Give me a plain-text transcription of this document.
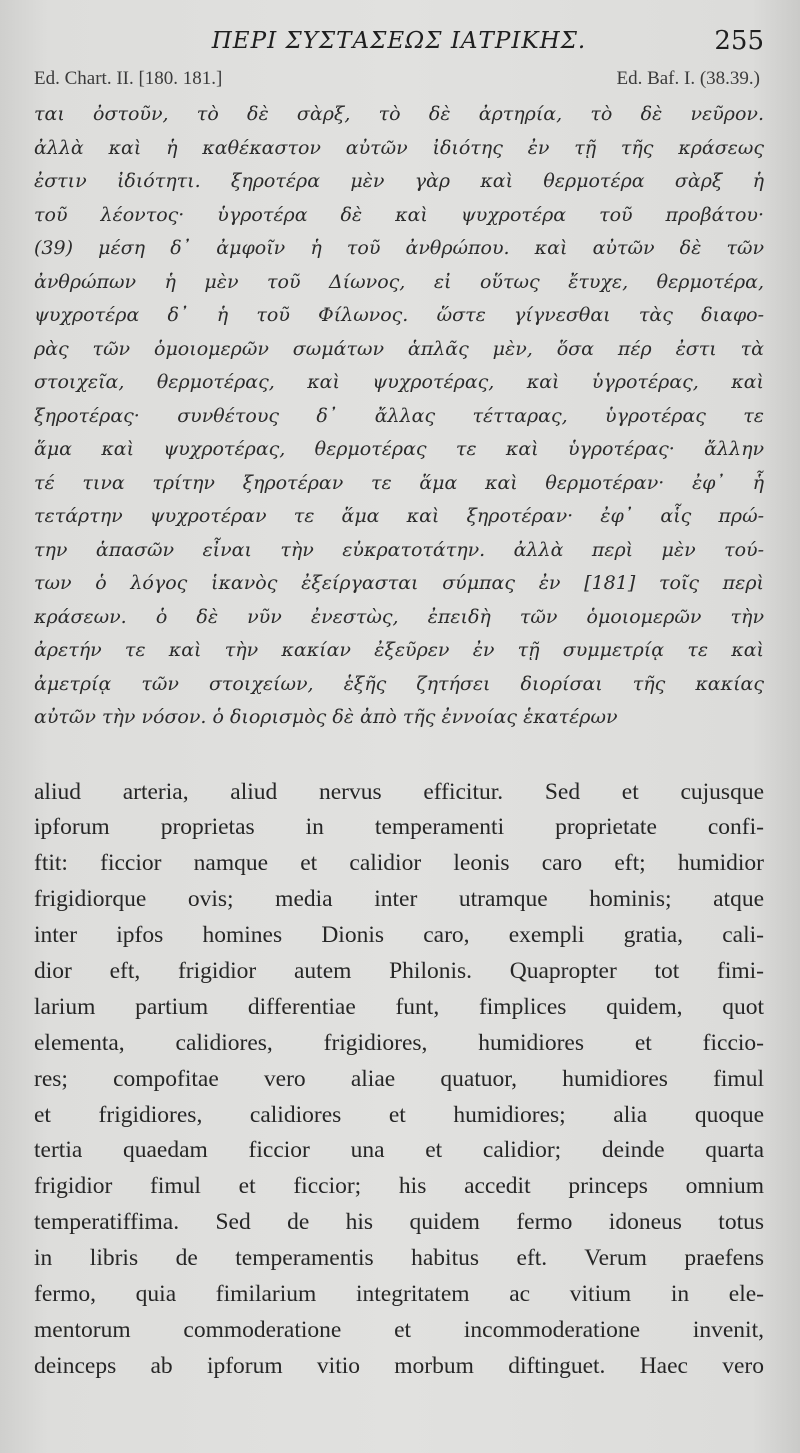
ΠΕΡΙ ΣΥΣΤΑΣΕΩΣ ΙΑΤΡΙΚΗΣ.	255
Ed. Chart. II. [180. 181.]	Ed. Baf. I. (38.39.)
ται ὀστοῦν, τὸ δὲ σὰρξ, τὸ δὲ ἀρτηρία, τὸ δὲ νεῦρον.
ἀλλὰ καὶ ἡ καθέκαστον αὐτῶν ἰδιότης ἐν τῇ τῆς κράσεως
ἐστιν ἰδιότητι. ξηροτέρα μὲν γὰρ καὶ θερμοτέρα σὰρξ ἡ
τοῦ λέοντος· ὑγροτέρα δὲ καὶ ψυχροτέρα τοῦ προβάτου·
(39) μέση δ᾽ ἀμφοῖν ἡ τοῦ ἀνθρώπου. καὶ αὐτῶν δὲ τῶν
ἀνθρώπων ἡ μὲν τοῦ Δίωνος, εἰ οὕτως ἔτυχε, θερμοτέρα,
ψυχροτέρα δ᾽ ἡ τοῦ Φίλωνος. ὥστε γίγνεσθαι τὰς διαφο-
ρὰς τῶν ὁμοιομερῶν σωμάτων ἁπλᾶς μὲν, ὅσα πέρ ἐστι τὰ
στοιχεῖα, θερμοτέρας, καὶ ψυχροτέρας, καὶ ὑγροτέρας, καὶ
ξηροτέρας· συνθέτους δ᾽ ἄλλας τέτταρας, ὑγροτέρας τε
ἅμα καὶ ψυχροτέρας, θερμοτέρας τε καὶ ὑγροτέρας· ἄλλην
τέ τινα τρίτην ξηροτέραν τε ἅμα καὶ θερμοτέραν· ἐφ᾽ ἧ
τετάρτην ψυχροτέραν τε ἅμα καὶ ξηροτέραν· ἐφ᾽ αἷς πρώ-
την ἁπασῶν εἶναι τὴν εὐκρατοτάτην. ἀλλὰ περὶ μὲν τού-
των ὁ λόγος ἱκανὸς ἐξείργασται σύμπας ἐν [181] τοῖς περὶ
κράσεων. ὁ δὲ νῦν ἐνεστὼς, ἐπειδὴ τῶν ὁμοιομερῶν τὴν
ἀρετήν τε καὶ τὴν κακίαν ἐξεῦρεν ἐν τῇ συμμετρίᾳ τε καὶ
ἀμετρίᾳ τῶν στοιχείων, ἑξῆς ζητήσει διορίσαι τῆς κακίας
αὐτῶν τὴν νόσον. ὁ διορισμὸς δὲ ἀπὸ τῆς ἐννοίας ἑκατέρων
aliud arteria, aliud nervus efficitur. Sed et cujusque
ipforum proprietas in temperamenti proprietate confi-
ftit: ficcior namque et calidior leonis caro eft; humidior
frigidiorque ovis; media inter utramque hominis; atque
inter ipfos homines Dionis caro, exempli gratia, cali-
dior eft, frigidior autem Philonis. Quapropter tot fimi-
larium partium differentiae funt, fimplices quidem, quot
elementa, calidiores, frigidiores, humidiores et ficcio-
res; compofitae vero aliae quatuor, humidiores fimul
et frigidiores, calidiores et humidiores; alia quoque
tertia quaedam ficcior una et calidior; deinde quarta
frigidior fimul et ficcior; his accedit princeps omnium
temperatiffima. Sed de his quidem fermo idoneus totus
in libris de temperamentis habitus eft. Verum praefens
fermo, quia fimilarium integritatem ac vitium in ele-
mentorum commoderatione et incommoderatione invenit,
deinceps ab ipforum vitio morbum diftinguet. Haec vero
